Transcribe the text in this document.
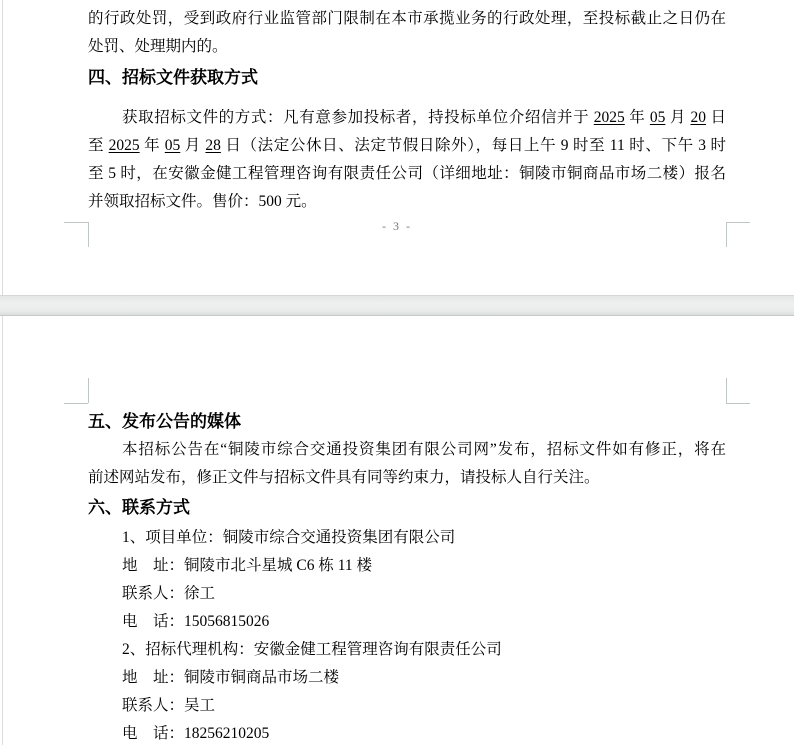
的行政处罚，受到政府行业监管部门限制在本市承揽业务的行政处理，至投标截止之日仍在
处罚、处理期内的。
四、招标文件获取方式
获取招标文件的方式：凡有意参加投标者，持投标单位介绍信并于 2025 年 05 月 20 日
至 2025 年 05 月 28 日（法定公休日、法定节假日除外），每日上午 9 时至 11 时、下午 3 时
至 5 时，在安徽金健工程管理咨询有限责任公司（详细地址：铜陵市铜商品市场二楼）报名
并领取招标文件。售价：500 元。
- 3 -
五、发布公告的媒体
本招标公告在“铜陵市综合交通投资集团有限公司网”发布，招标文件如有修正，将在
前述网站发布，修正文件与招标文件具有同等约束力，请投标人自行关注。
六、联系方式
1、项目单位：铜陵市综合交通投资集团有限公司
地　址：铜陵市北斗星城 C6 栋 11 楼
联系人：徐工
电　话：15056815026
2、招标代理机构：安徽金健工程管理咨询有限责任公司
地　址：铜陵市铜商品市场二楼
联系人：吴工
电　话：18256210205
